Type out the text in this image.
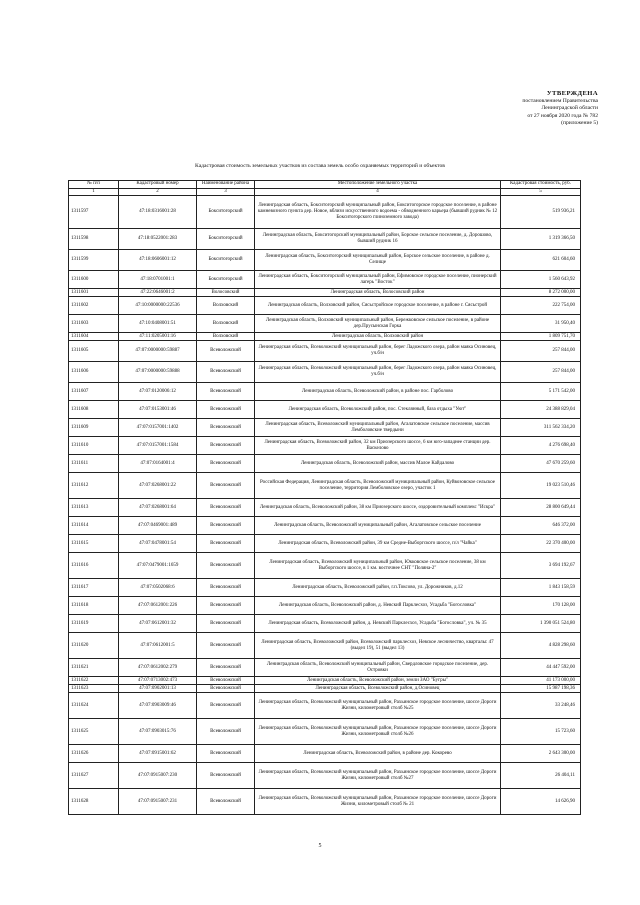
УТВЕРЖДЕНА
постановлением Правительства
Ленинградской области
от 27 ноября 2020 года № 782
(приложение 5)
Кадастровая стоимость земельных участков из состава земель особо охраняемых территорий и объектов
№ п/п	Кадастровый номер	Наименование района	Местоположение земельного участка	Кадастровая стоимость, руб.
1	2	3	4	5
1311597	47:18:0316001:28	Бокситогорский	Ленинградская область, Бокситогорский муниципальный район, Бокситогорское городское поселение, в районе камневозного пункта дер. Новое, вблизи искусственного водоема - обводненного карьера (бывший рудник № 12 Бокситогорского глиноземного завода)	519 936,21
1311598	47:18:0522001:283	Бокситогорский	Ленинградская область, Бокситогорский муниципальный район, Борское сельское поселение, д. Дорошово, бывший рудник 16	1 319 366,50
1311599	47:18:0606001:12	Бокситогорский	Ленинградская область, Бокситогорский муниципальный район, Борское сельское поселение, в районе д. Селище	621 604,60
1311600	47:18:0701001:1	Бокситогорский	Ленинградская область, Бокситогорский муниципальный район, Ефимовское городское поселение, пионерский лагерь "Восток"	1 560 643,92
1311601	47:22:0646001:2	Волосовский	Ленинградская область, Волосовский район	8 272 000,00
1311602	47:10:0000000:22536	Волховский	Ленинградская область, Волховский район, Сясьстройское городское поселение, в районе г. Сясьстрой	222 754,00
1311603	47:10:0408001:51	Волховский	Ленинградская область, Волховский муниципальный район, Бережковское сельское поселение, в районе дер.Прусынская Горка	31 950,40
1311604	47:11:0205001:16	Волховский	Ленинградская область, Волховский район	1 809 751,70
1311605	47:07:0000000:59887	Всеволожский	Ленинградская область, Всеволожский муниципальный район, берег Ладожского озера, район маяка Осиновец, уч.б/н	257 844,00
1311606	47:07:0000000:59888	Всеволожский	Ленинградская область, Всеволожский муниципальный район, берег Ладожского озера, район маяка Осиновец, уч.б/н	257 844,00
1311607	47:07:0120006:12	Всеволожский	Ленинградская область, Всеволожский район, в районе пос. Гарболово	5 171 542,00
1311608	47:07:0153001:46	Всеволожский	Ленинградская область, Всеволожский район, пос. Стеклянный, база отдыха "Уют"	24 388 829,04
1311609	47:07:0157001:1402	Всеволожский	Ленинградская область, Всеволожский муниципальный район, Агалатовское сельское поселение, массив Лемболовские твердыни	311 562 334,20
1311610	47:07:0157001:1584	Всеволожский	Ленинградская область, Всеволожский район, 32 км Приозерского шоссе, 6 км юго-западнее станции дер. Васкелово	4 276 698,40
1311611	47:07:0164001:4	Всеволожский	Ленинградская область, Всеволожский район, массив Малое Кайдалово	47 670 259,60
1311612	47:07:0268001:22	Всеволожский	Российская Федерация, Ленинградская область, Всеволожский муниципальный район, Куйвозовское сельское поселение, территория Лемболовское озеро, участок 1	19 023 510,46
1311613	47:07:0268001:64	Всеволожский	Ленинградская область, Всеволожский район, 38 км Приозерского шоссе, оздоровительный комплекс "Искра"	28 800 649,44
1311614	47:07:0469001:489	Всеволожский	Ленинградская область, Всеволожский муниципальный район, Агалатовское сельское поселение	646 372,00
1311615	47:07:0478001:54	Всеволожский	Ленинградская область, Всеволожский район, 39 км Средне-Выборгского шоссе, п/л "Чайка"	22 370 400,00
1311616	47:07:0479001:1659	Всеволожский	Ленинградская область, Всеволожский муниципальный район, Юкковское сельское поселение, 38 км Выборгского шоссе, в 1 км. восточнее СНТ "Поляна-2"	3 694 192,67
1311617	47:07:0502068:6	Всеволожский	Ленинградская область, Всеволожский район, г.п.Токсово, ул. Дорожников, д.12	1 843 158,59
1311618	47:07:0612001:226	Всеволожский	Ленинградская область, Всеволожский район, д. Невский Парклесхоз, Усадьба "Богословка"	170 128,00
1311619	47:07:0612001:32	Всеволожский	Ленинградская область, Всеволожский район, д. Невский Парклесхоз, Усадьба "Богословка", уч. № 35	1 390 051 524,80
1311620	47:07:0612001:5	Всеволожский	Ленинградская область, Всеволожский район, Всеволожский парклесхоз, Невское лесничество, кварталы: 47 (выдел 19), 51 (выдел 13)	4 828 298,60
1311621	47:07:0612002:279	Всеволожский	Ленинградская область, Всеволожский муниципальный район, Свердловское городское поселение, дер. Островки	44 447 592,00
1311622	47:07:0713002:473	Всеволожский	Ленинградская область, Всеволожский район, земли ЗАО "Бугры"	41 173 000,00
1311623	47:07:0902001:13	Всеволожский	Ленинградская область, Всеволожский район, д.Осиновец	15 987 198,36
1311624	47:07:0903009:46	Всеволожский	Ленинградская область, Всеволожский муниципальный район, Рахьинское городское поселение, шоссе Дороги Жизни, километровый столб №25	33 248,46
1311625	47:07:0903015:76	Всеволожский	Ленинградская область, Всеволожский муниципальный район, Рахьинское городское поселение, шоссе Дороги Жизни, километровый столб №26	15 723,60
1311626	47:07:0915001:62	Всеволожский	Ленинградская область, Всеволожский район, в районе дер. Кокорево	2 643 300,00
1311627	47:07:0915007:230	Всеволожский	Ленинградская область, Всеволожский муниципальный район, Рахьинское городское поселение, шоссе Дороги Жизни, километровый столб №27	26 404,11
1311628	47:07:0915007:231	Всеволожский	Ленинградская область, Всеволожский муниципальный район, Рахьинское городское поселение, шоссе Дороги Жизни, километровый столб № 21	14 626,90
5
